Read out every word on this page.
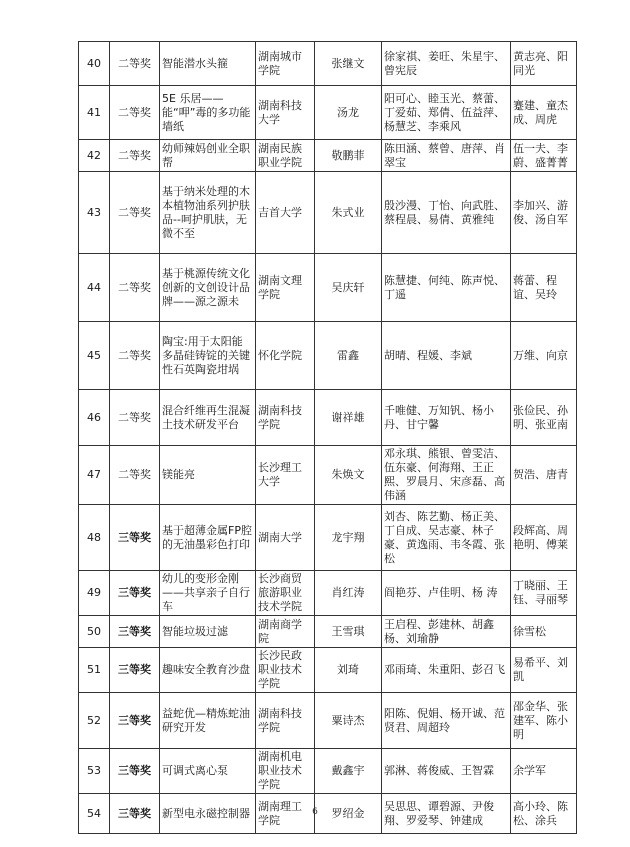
40	二等奖	智能潜水头箍	湖南城市学院	张继文	徐家祺、姜旺、朱星宇、曾宪辰	黄志亮、阳同光
41	二等奖	5E 乐居——能“呷”毒的多功能墙纸	湖南科技大学	汤龙	阳可心、睦玉光、蔡蕾、丁爱茹、郑倩、伍益萍、杨慧芝、李乘风	蹇建、童杰成、周虎
42	二等奖	幼师辣妈创业全职帮	湖南民族职业学院	敬鹏菲	陈田涵、蔡曾、唐萍、肖翠宝	伍一夫、李蔚、盛菁菁
43	二等奖	基于纳米处理的木本植物油系列护肤品--呵护肌肤，无微不至	吉首大学	朱式业	殷沙漫、丁怡、向武胜、蔡程晨、易倩、黄雅纯	李加兴、游俊、汤自军
44	二等奖	基于桃源传统文化创新的文创设计品牌——源之源未	湖南文理学院	吴庆轩	陈慧捷、何纯、陈声悦、丁遥	蒋蕾、程谊、吴玲
45	二等奖	陶宝:用于太阳能多晶硅铸锭的关键性石英陶瓷坩埚	怀化学院	雷鑫	胡晴、程媛、李斌	万维、向京
46	二等奖	混合纤维再生混凝土技术研发平台	湖南科技学院	谢祥雄	千唯健、万知钒、杨小丹、甘宁馨	张俭民、孙明、张亚南
47	二等奖	镁能亮	长沙理工大学	朱焕文	邓永琪、熊银、曾雯洁、伍东豪、何海翔、王正熙、罗晨月、宋彦磊、高伟涵	贺浩、唐青
48	三等奖	基于超薄金属FP腔的无油墨彩色打印	湖南大学	龙宇翔	刘杏、陈艺勤、杨正美、丁自成、吴志豪、林子豪、黄逸雨、韦冬霞、张松	段辉高、周艳明、傅莱
49	三等奖	幼儿的变形金刚——共享亲子自行车	长沙商贸旅游职业技术学院	肖红涛	阎艳芬、卢佳明、杨 涛	丁晓丽、王钰、寻丽琴
50	三等奖	智能垃圾过滤	湖南商学院	王雪琪	王启程、彭建林、胡鑫杨、刘瑜静	徐雪松
51	三等奖	趣味安全教育沙盘	长沙民政职业技术学院	刘琦	邓雨琦、朱重阳、彭召飞	易希平、刘凯
52	三等奖	益蛇优—精炼蛇油研究开发	湖南科技学院	粟诗杰	阳陈、倪娟、杨开诚、范贤君、周超玲	邵金华、张建军、陈小明
53	三等奖	可调式离心泵	湖南机电职业技术学院	戴鑫宇	郭淋、蒋俊威、王智霖	余学军
54	三等奖	新型电永磁控制器	湖南理工学院	罗绍金	吴思思、谭碧源、尹俊翔、罗爱琴、钟建成	高小玲、陈松、涂兵
6
